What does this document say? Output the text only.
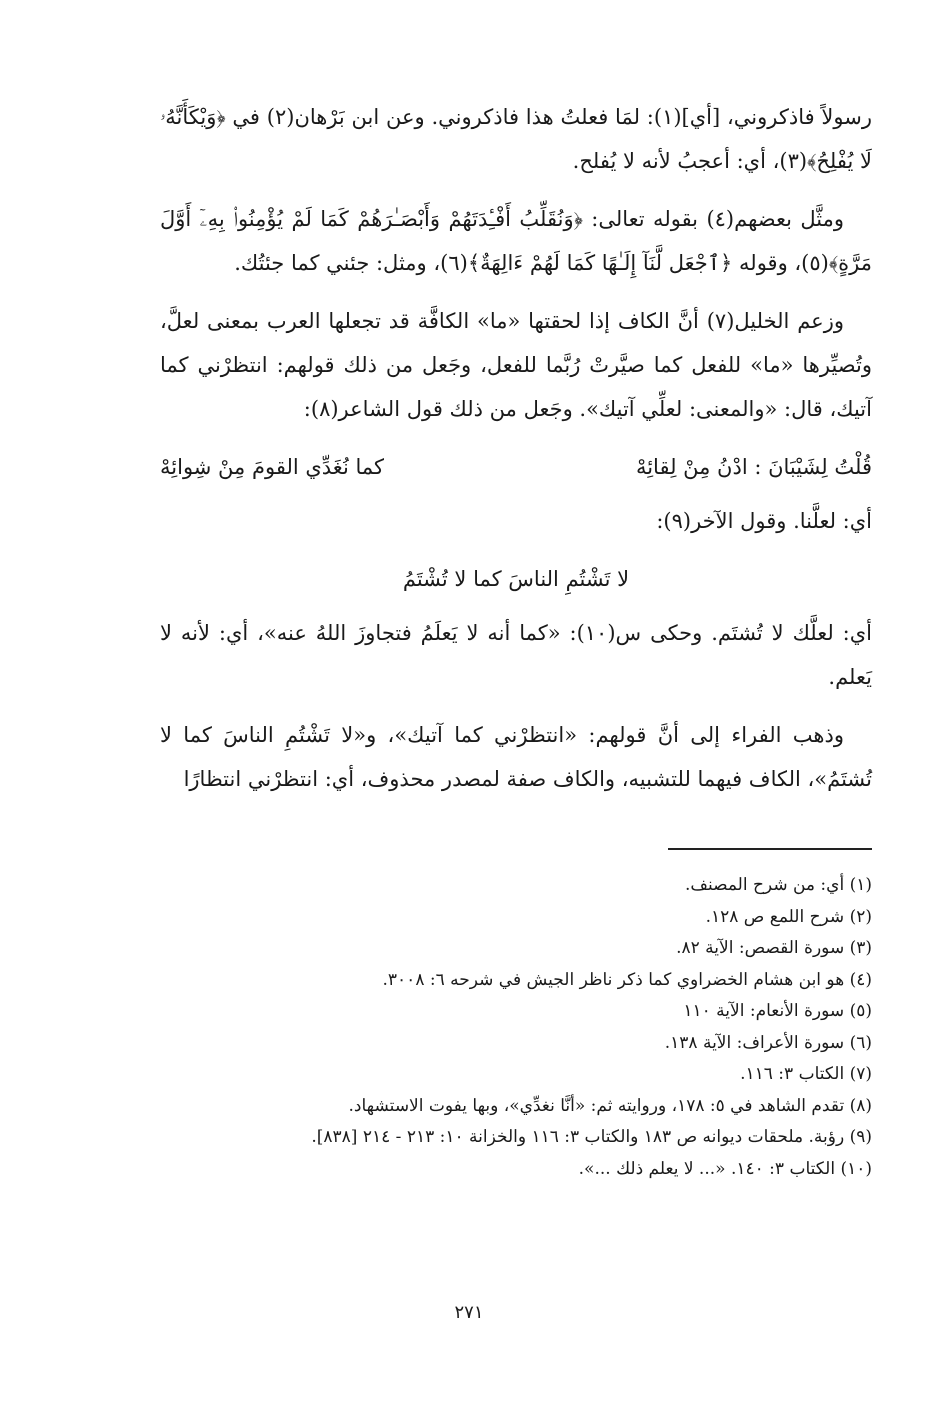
رسولاً فاذكروني، [أي](١): لمَا فعلتُ هذا فاذكروني. وعن ابن بَرْهان(٢) في ﴿وَيْكَأَنَّهُۥ لَا يُفْلِحُ﴾(٣)، أي: أعجبُ لأنه لا يُفلح.

ومثَّل بعضهم(٤) بقوله تعالى: ﴿وَنُقَلِّبُ أَفْـِٔدَتَهُمْ وَأَبْصَـٰرَهُمْ كَمَا لَمْ يُؤْمِنُوا۟ بِهِۦٓ أَوَّلَ مَرَّةٍ﴾(٥)، وقوله ﴿ٱجْعَل لَّنَآ إِلَـٰهًا كَمَا لَهُمْ ءَالِهَةٌ﴾(٦)، ومثل: جئني كما جئتُك.

وزعم الخليل(٧) أنَّ الكاف إذا لحقتها «ما» الكافَّة قد تجعلها العرب بمعنى لعلَّ، وتُصيِّرها «ما» للفعل كما صيَّرتْ رُبَّما للفعل، وجَعل من ذلك قولهم: انتظرْني كما آتيك، قال: «والمعنى: لعلِّي آتيك». وجَعل من ذلك قول الشاعر(٨):

قُلْتُ لِشَيْبَانَ : ادْنُ مِنْ لِقائِهْ
كما نُغَدِّي القومَ مِنْ شِوائِهْ

أي: لعلَّنا. وقول الآخر(٩):

لا تَشْتُمِ الناسَ كما لا تُشْتَمُ

أي: لعلَّك لا تُشتَم. وحكى س(١٠): «كما أنه لا يَعلَمُ فتجاوزَ اللهُ عنه»، أي: لأنه لا يَعلم.

وذهب الفراء إلى أنَّ قولهم: «انتظرْني كما آتيك»، و«لا تَشْتُمِ الناسَ كما لا تُشتَمُ»، الكاف فيهما للتشبيه، والكاف صفة لمصدر محذوف، أي: انتظرْني انتظارًا

(١) أي: من شرح المصنف.
(٢) شرح اللمع ص ١٢٨.
(٣) سورة القصص: الآية ٨٢.
(٤) هو ابن هشام الخضراوي كما ذكر ناظر الجيش في شرحه ٦: ٣٠٠٨.
(٥) سورة الأنعام: الآية ١١٠
(٦) سورة الأعراف: الآية ١٣٨.
(٧) الكتاب ٣: ١١٦.
(٨) تقدم الشاهد في ٥: ١٧٨، وروايته ثم: «أنَّا نغدِّي»، وبها يفوت الاستشهاد.
(٩) رؤبة. ملحقات ديوانه ص ١٨٣ والكتاب ٣: ١١٦ والخزانة ١٠: ٢١٣ - ٢١٤ [٨٣٨].
(١٠) الكتاب ٣: ١٤٠. «... لا يعلم ذلك ...».
٢٧١
